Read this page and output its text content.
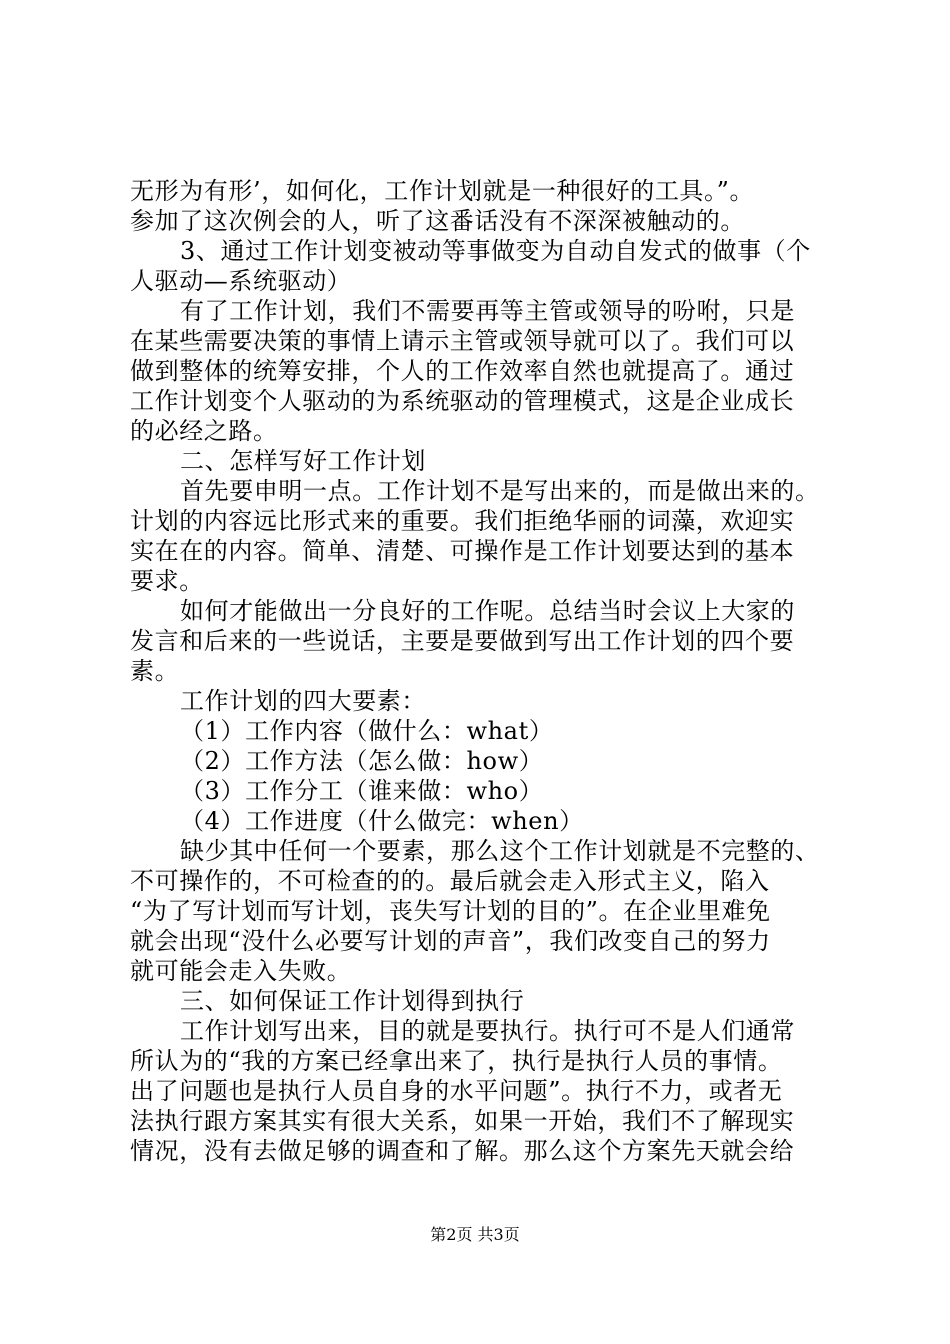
无形为有形’，如何化，工作计划就是一种很好的工具。”。
参加了这次例会的人，听了这番话没有不深深被触动的。
3、通过工作计划变被动等事做变为自动自发式的做事（个
人驱动—系统驱动）
有了工作计划，我们不需要再等主管或领导的吩咐，只是
在某些需要决策的事情上请示主管或领导就可以了。我们可以
做到整体的统筹安排，个人的工作效率自然也就提高了。通过
工作计划变个人驱动的为系统驱动的管理模式，这是企业成长
的必经之路。
二、怎样写好工作计划
首先要申明一点。工作计划不是写出来的，而是做出来的。
计划的内容远比形式来的重要。我们拒绝华丽的词藻，欢迎实
实在在的内容。简单、清楚、可操作是工作计划要达到的基本
要求。
如何才能做出一分良好的工作呢。总结当时会议上大家的
发言和后来的一些说话，主要是要做到写出工作计划的四个要
素。
工作计划的四大要素：
（1）工作内容（做什么：what）
（2）工作方法（怎么做：how）
（3）工作分工（谁来做：who）
（4）工作进度（什么做完：when）
缺少其中任何一个要素，那么这个工作计划就是不完整的、
不可操作的，不可检查的的。最后就会走入形式主义，陷入
“为了写计划而写计划，丧失写计划的目的”。在企业里难免
就会出现“没什么必要写计划的声音”，我们改变自己的努力
就可能会走入失败。
三、如何保证工作计划得到执行
工作计划写出来，目的就是要执行。执行可不是人们通常
所认为的“我的方案已经拿出来了，执行是执行人员的事情。
出了问题也是执行人员自身的水平问题”。执行不力，或者无
法执行跟方案其实有很大关系，如果一开始，我们不了解现实
情况，没有去做足够的调查和了解。那么这个方案先天就会给
第2页 共3页
